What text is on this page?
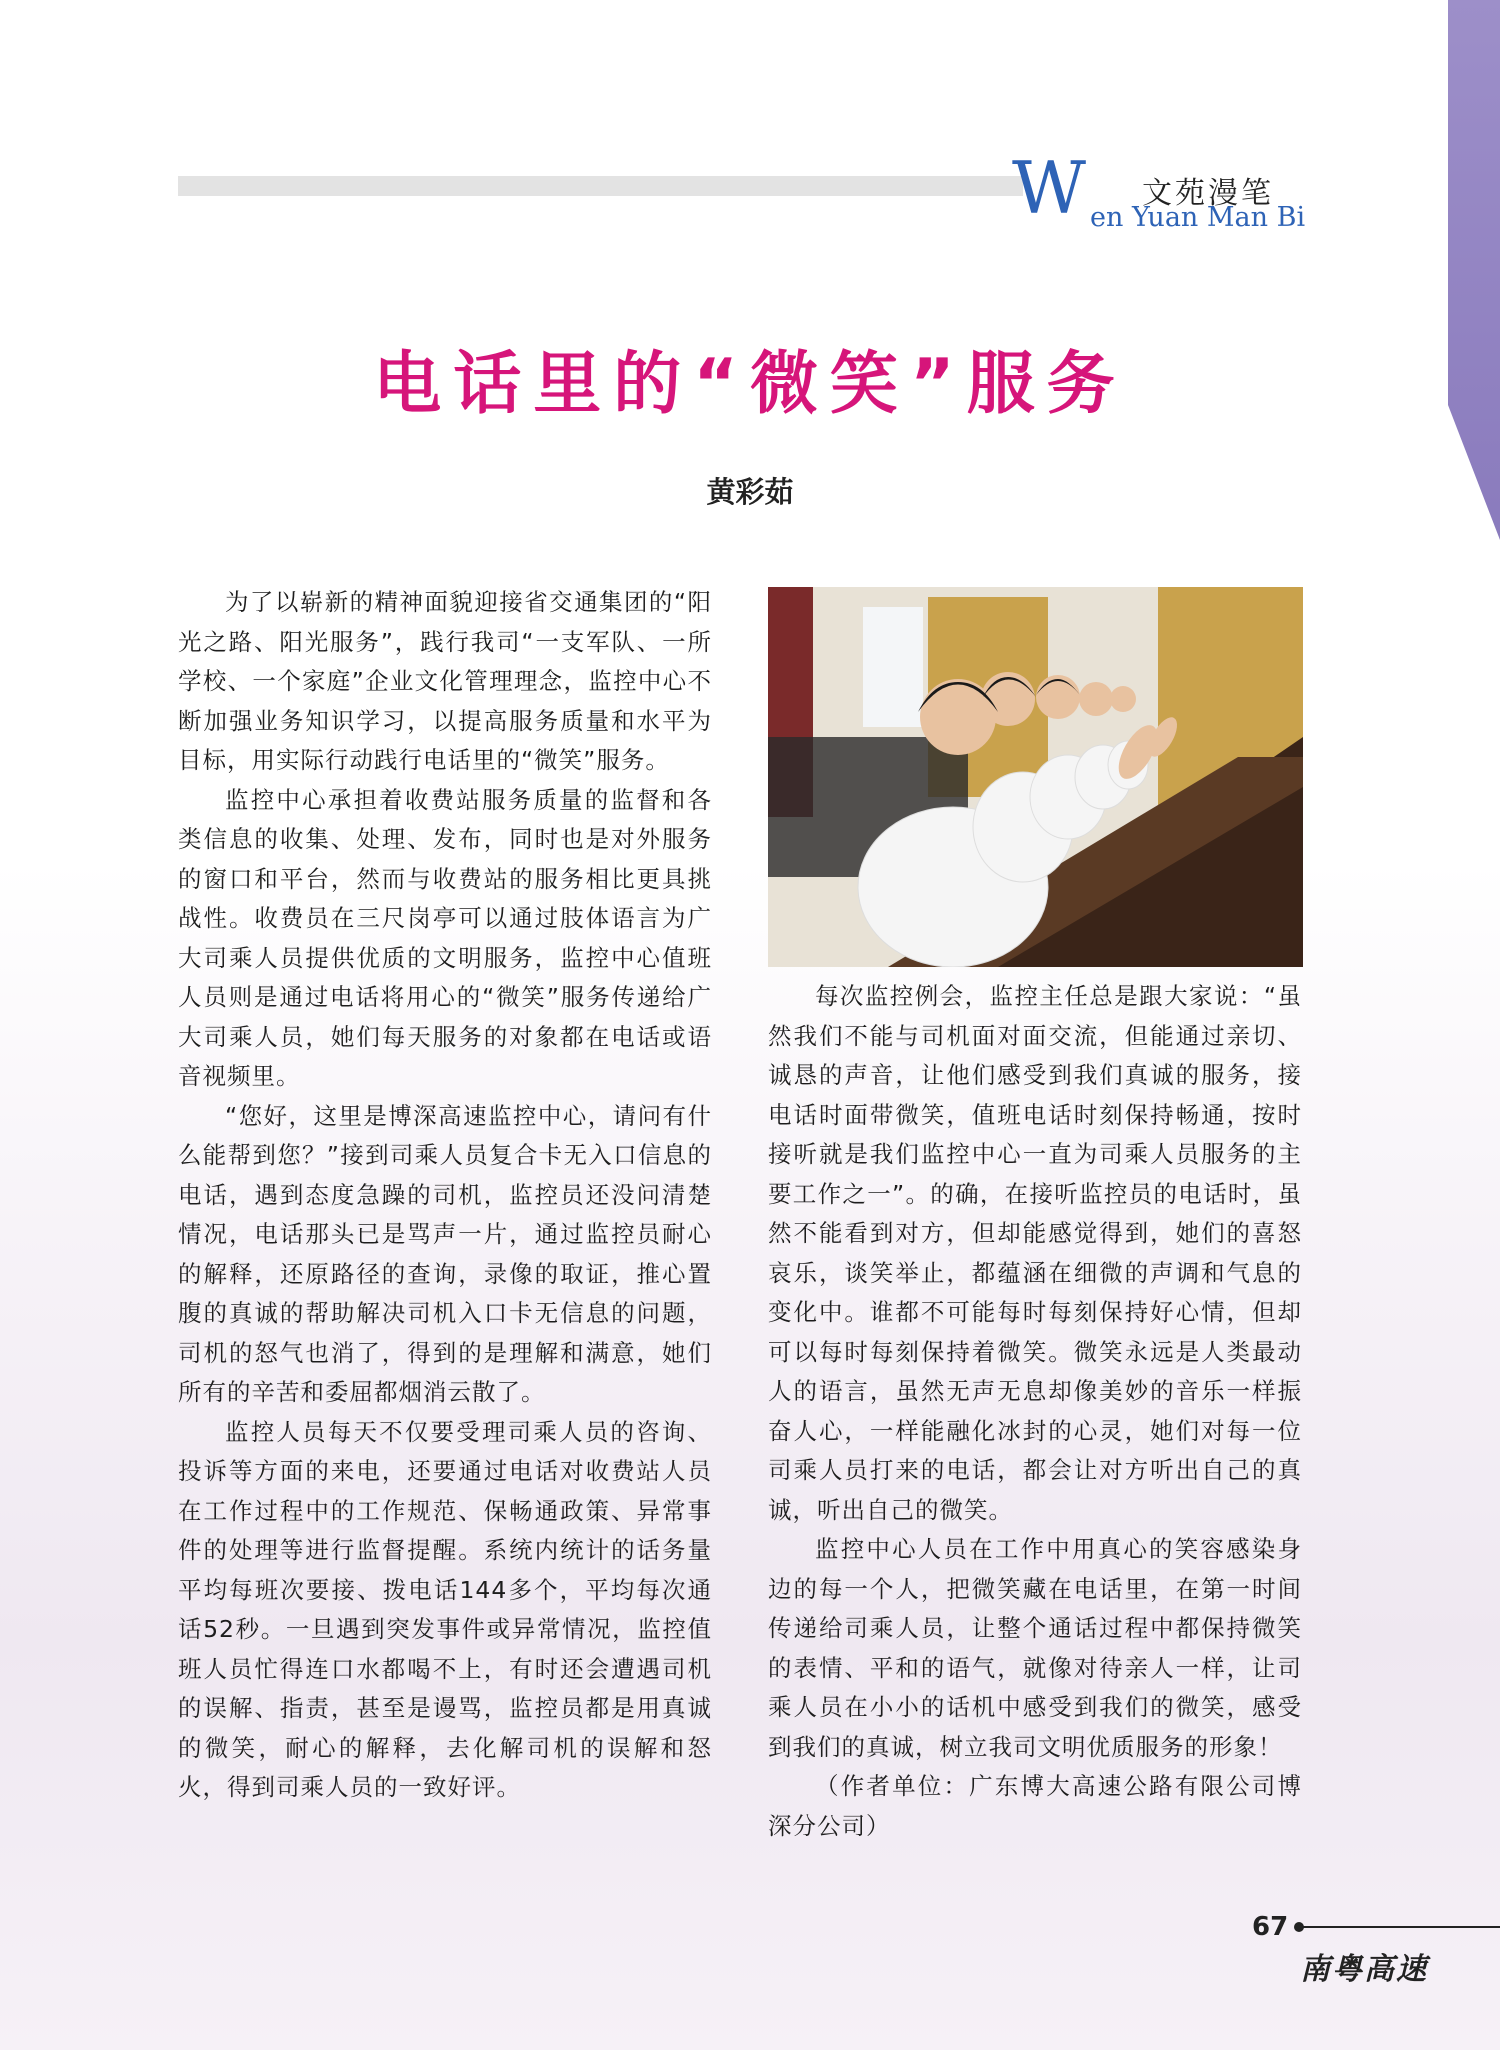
W 文苑漫笔
en Yuan Man Bi
电话里的“微笑”服务
黄彩茹

为了以崭新的精神面貌迎接省交通集团的“阳光之路、阳光服务”，践行我司“一支军队、一所学校、一个家庭”企业文化管理理念，监控中心不断加强业务知识学习，以提高服务质量和水平为目标，用实际行动践行电话里的“微笑”服务。

监控中心承担着收费站服务质量的监督和各类信息的收集、处理、发布，同时也是对外服务的窗口和平台，然而与收费站的服务相比更具挑战性。收费员在三尺岗亭可以通过肢体语言为广大司乘人员提供优质的文明服务，监控中心值班人员则是通过电话将用心的“微笑”服务传递给广大司乘人员，她们每天服务的对象都在电话或语音视频里。

“您好，这里是博深高速监控中心，请问有什么能帮到您？”接到司乘人员复合卡无入口信息的电话，遇到态度急躁的司机，监控员还没问清楚情况，电话那头已是骂声一片，通过监控员耐心的解释，还原路径的查询，录像的取证，推心置腹的真诚的帮助解决司机入口卡无信息的问题，司机的怒气也消了，得到的是理解和满意，她们所有的辛苦和委屈都烟消云散了。

监控人员每天不仅要受理司乘人员的咨询、投诉等方面的来电，还要通过电话对收费站人员在工作过程中的工作规范、保畅通政策、异常事件的处理等进行监督提醒。系统内统计的话务量平均每班次要接、拨电话144多个，平均每次通话52秒。一旦遇到突发事件或异常情况，监控值班人员忙得连口水都喝不上，有时还会遭遇司机的误解、指责，甚至是谩骂，监控员都是用真诚的微笑，耐心的解释，去化解司机的误解和怒火，得到司乘人员的一致好评。

每次监控例会，监控主任总是跟大家说：“虽然我们不能与司机面对面交流，但能通过亲切、诚恳的声音，让他们感受到我们真诚的服务，接电话时面带微笑，值班电话时刻保持畅通，按时接听就是我们监控中心一直为司乘人员服务的主要工作之一”。的确，在接听监控员的电话时，虽然不能看到对方，但却能感觉得到，她们的喜怒哀乐，谈笑举止，都蕴涵在细微的声调和气息的变化中。谁都不可能每时每刻保持好心情，但却可以每时每刻保持着微笑。微笑永远是人类最动人的语言，虽然无声无息却像美妙的音乐一样振奋人心，一样能融化冰封的心灵，她们对每一位司乘人员打来的电话，都会让对方听出自己的真诚，听出自己的微笑。

监控中心人员在工作中用真心的笑容感染身边的每一个人，把微笑藏在电话里，在第一时间传递给司乘人员，让整个通话过程中都保持微笑的表情、平和的语气，就像对待亲人一样，让司乘人员在小小的话机中感受到我们的微笑，感受到我们的真诚，树立我司文明优质服务的形象！

（作者单位：广东博大高速公路有限公司博深分公司）

67
南粤高速
